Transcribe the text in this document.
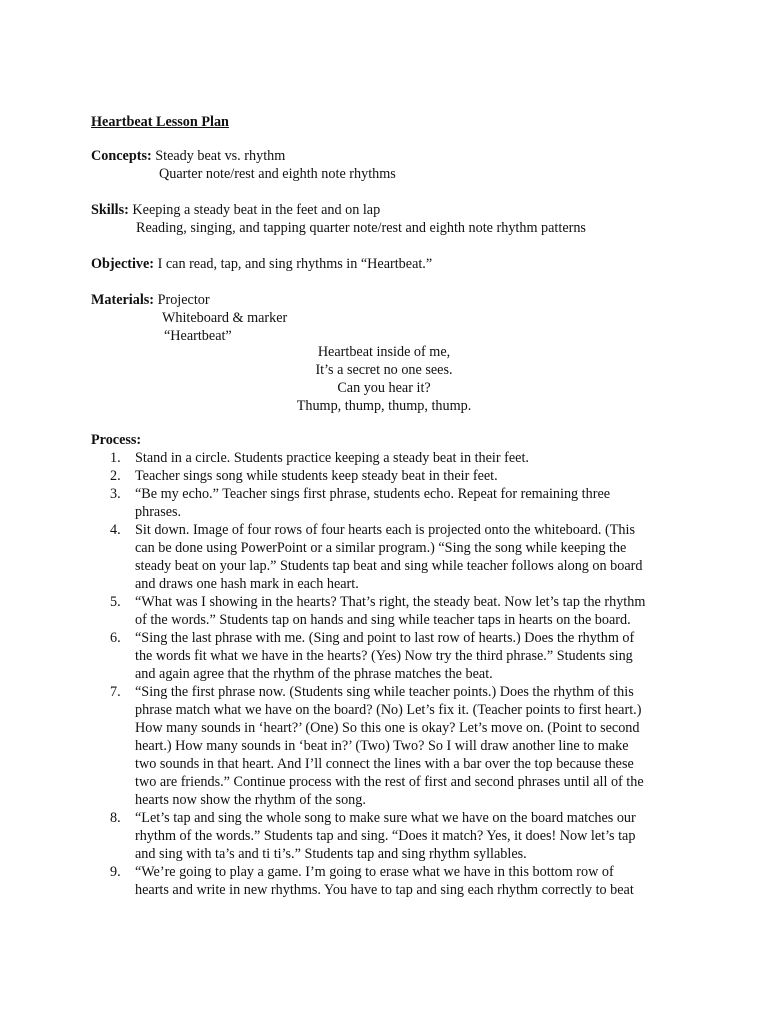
Heartbeat Lesson Plan
Concepts: Steady beat vs. rhythm
Quarter note/rest and eighth note rhythms
Skills: Keeping a steady beat in the feet and on lap
Reading, singing, and tapping quarter note/rest and eighth note rhythm patterns
Objective: I can read, tap, and sing rhythms in “Heartbeat.”
Materials: Projector
Whiteboard & marker
“Heartbeat”
Heartbeat inside of me,
It’s a secret no one sees.
Can you hear it?
Thump, thump, thump, thump.
Process:
1.	Stand in a circle. Students practice keeping a steady beat in their feet.
2.	Teacher sings song while students keep steady beat in their feet.
3.	“Be my echo.” Teacher sings first phrase, students echo. Repeat for remaining three
phrases.
4.	Sit down. Image of four rows of four hearts each is projected onto the whiteboard. (This
can be done using PowerPoint or a similar program.) “Sing the song while keeping the
steady beat on your lap.” Students tap beat and sing while teacher follows along on board
and draws one hash mark in each heart.
5.	“What was I showing in the hearts? That’s right, the steady beat. Now let’s tap the rhythm
of the words.” Students tap on hands and sing while teacher taps in hearts on the board.
6.	“Sing the last phrase with me. (Sing and point to last row of hearts.) Does the rhythm of
the words fit what we have in the hearts? (Yes) Now try the third phrase.” Students sing
and again agree that the rhythm of the phrase matches the beat.
7.	“Sing the first phrase now. (Students sing while teacher points.) Does the rhythm of this
phrase match what we have on the board? (No) Let’s fix it. (Teacher points to first heart.)
How many sounds in ‘heart?’ (One) So this one is okay? Let’s move on. (Point to second
heart.) How many sounds in ‘beat in?’ (Two) Two? So I will draw another line to make
two sounds in that heart. And I’ll connect the lines with a bar over the top because these
two are friends.” Continue process with the rest of first and second phrases until all of the
hearts now show the rhythm of the song.
8.	“Let’s tap and sing the whole song to make sure what we have on the board matches our
rhythm of the words.” Students tap and sing. “Does it match? Yes, it does! Now let’s tap
and sing with ta’s and ti ti’s.” Students tap and sing rhythm syllables.
9.	“We’re going to play a game. I’m going to erase what we have in this bottom row of
hearts and write in new rhythms. You have to tap and sing each rhythm correctly to beat
